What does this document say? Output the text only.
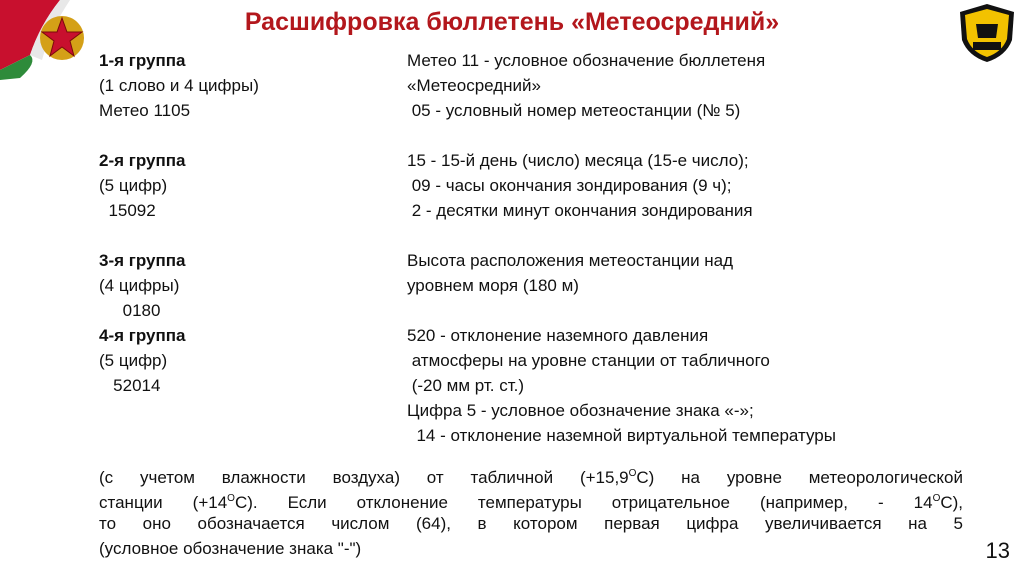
Расшифровка бюллетень «Метеосредний»
1-я группа
(1 слово и 4 цифры)
Метео 1105
2-я группа
(5 цифр)
15092
3-я группа
(4 цифры)
0180
4-я группа
(5 цифр)
52014
Метео 11 - условное обозначение бюллетеня
«Метеосредний»
05 - условный номер метеостанции (№ 5)
15 - 15-й день (число) месяца (15-е число);
09 - часы окончания зондирования (9 ч);
2 - десятки минут окончания зондирования
Высота расположения метеостанции над
уровнем моря (180 м)
520 - отклонение наземного давления
атмосферы на уровне станции от табличного
(-20 мм рт. ст.)
Цифра 5 - условное обозначение знака «-»;
14 - отклонение наземной виртуальной температуры
(с учетом влажности воздуха) от табличной $(+15,9^OС)$ на уровне метеорологической
станции $(+14^OС)$. Если отклонение температуры отрицательное (например, - $14^OС$),
то оно обозначается числом (64), в котором первая цифра увеличивается на 5
(условное обозначение знака "-")	13
